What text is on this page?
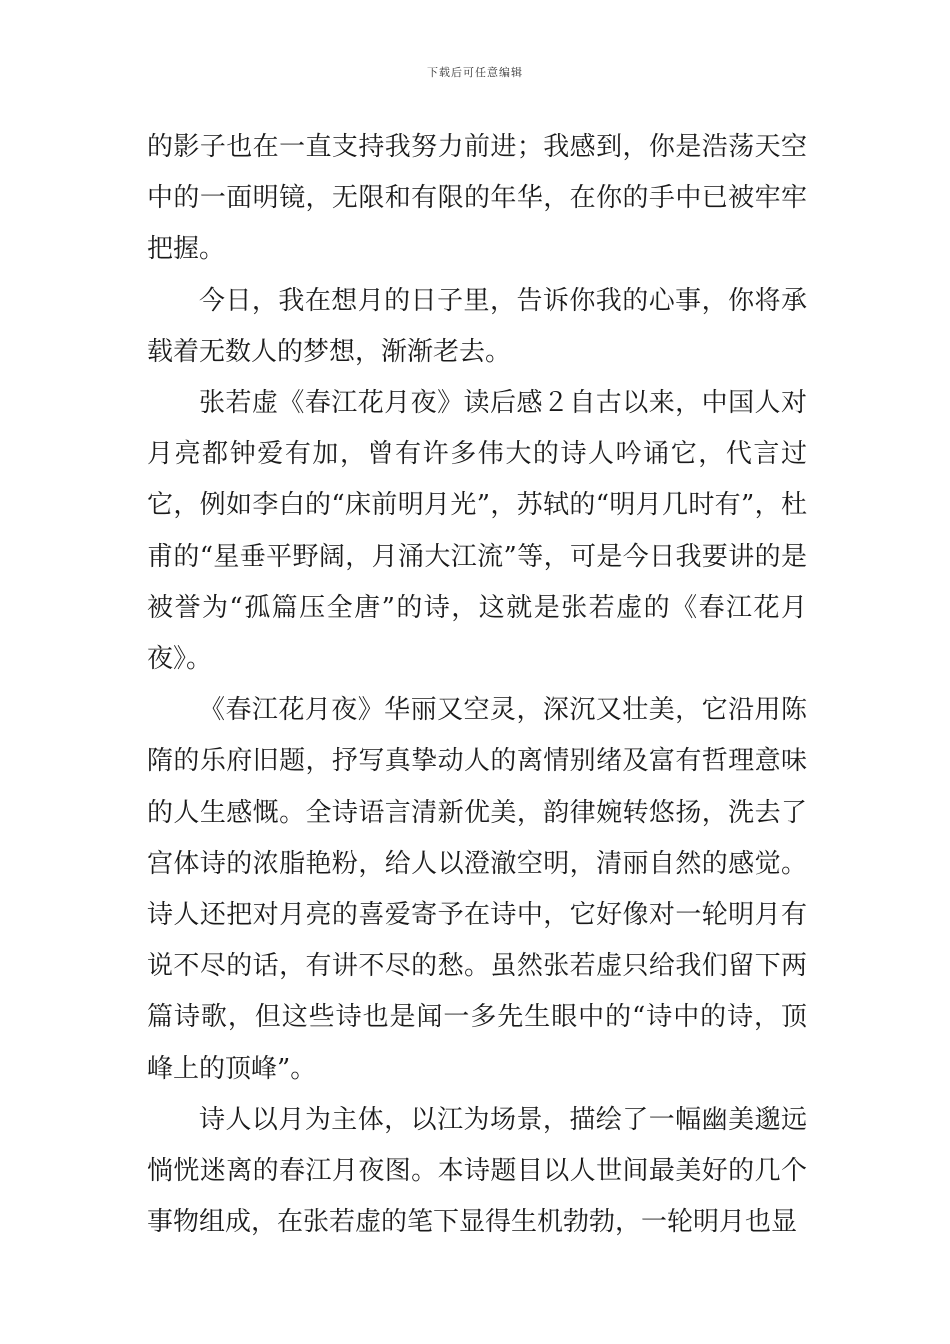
下载后可任意编辑

的影子也在一直支持我努力前进；我感到，你是浩荡天空中的一面明镜，无限和有限的年华，在你的手中已被牢牢把握。

今日，我在想月的日子里，告诉你我的心事，你将承载着无数人的梦想，渐渐老去。

张若虚《春江花月夜》读后感２自古以来，中国人对月亮都钟爱有加，曾有许多伟大的诗人吟诵它，代言过它，例如李白的“床前明月光”，苏轼的“明月几时有”，杜甫的“星垂平野阔，月涌大江流”等，可是今日我要讲的是被誉为“孤篇压全唐”的诗，这就是张若虚的《春江花月夜》。

《春江花月夜》华丽又空灵，深沉又壮美，它沿用陈隋的乐府旧题，抒写真挚动人的离情别绪及富有哲理意味的人生感慨。全诗语言清新优美，韵律婉转悠扬，洗去了宫体诗的浓脂艳粉，给人以澄澈空明，清丽自然的感觉。诗人还把对月亮的喜爱寄予在诗中，它好像对一轮明月有说不尽的话，有讲不尽的愁。虽然张若虚只给我们留下两篇诗歌，但这些诗也是闻一多先生眼中的“诗中的诗，顶峰上的顶峰”。

诗人以月为主体，以江为场景，描绘了一幅幽美邈远惝恍迷离的春江月夜图。本诗题目以人世间最美好的几个事物组成，在张若虚的笔下显得生机勃勃，一轮明月也显
